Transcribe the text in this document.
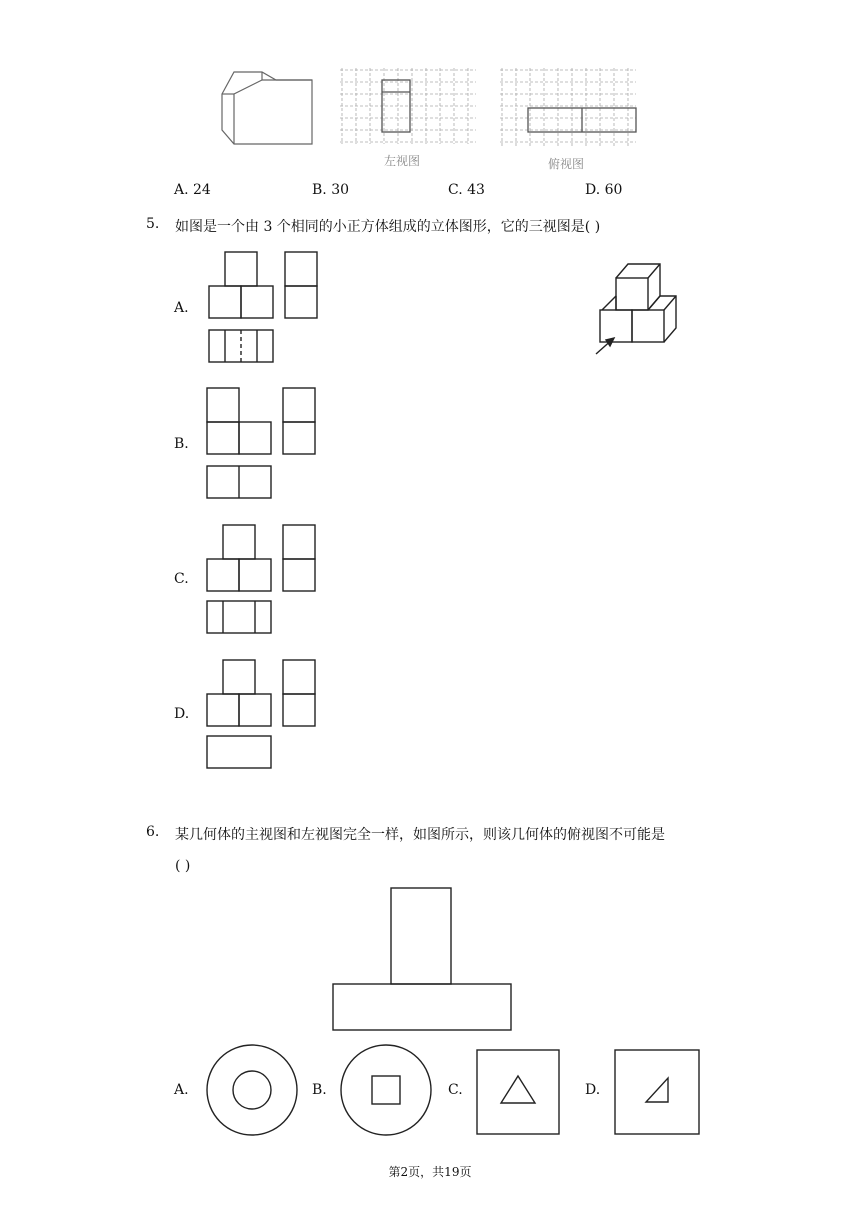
左视图	俯视图
A. 24	B. 30	C. 43	D. 60
5. 如图是一个由 3 个相同的小正方体组成的立体图形，它的三视图是( )
A.
B.
C.
D.
6. 某几何体的主视图和左视图完全一样，如图所示，则该几何体的俯视图不可能是
( )
A.	B.	C.	D.
第2页，共19页
